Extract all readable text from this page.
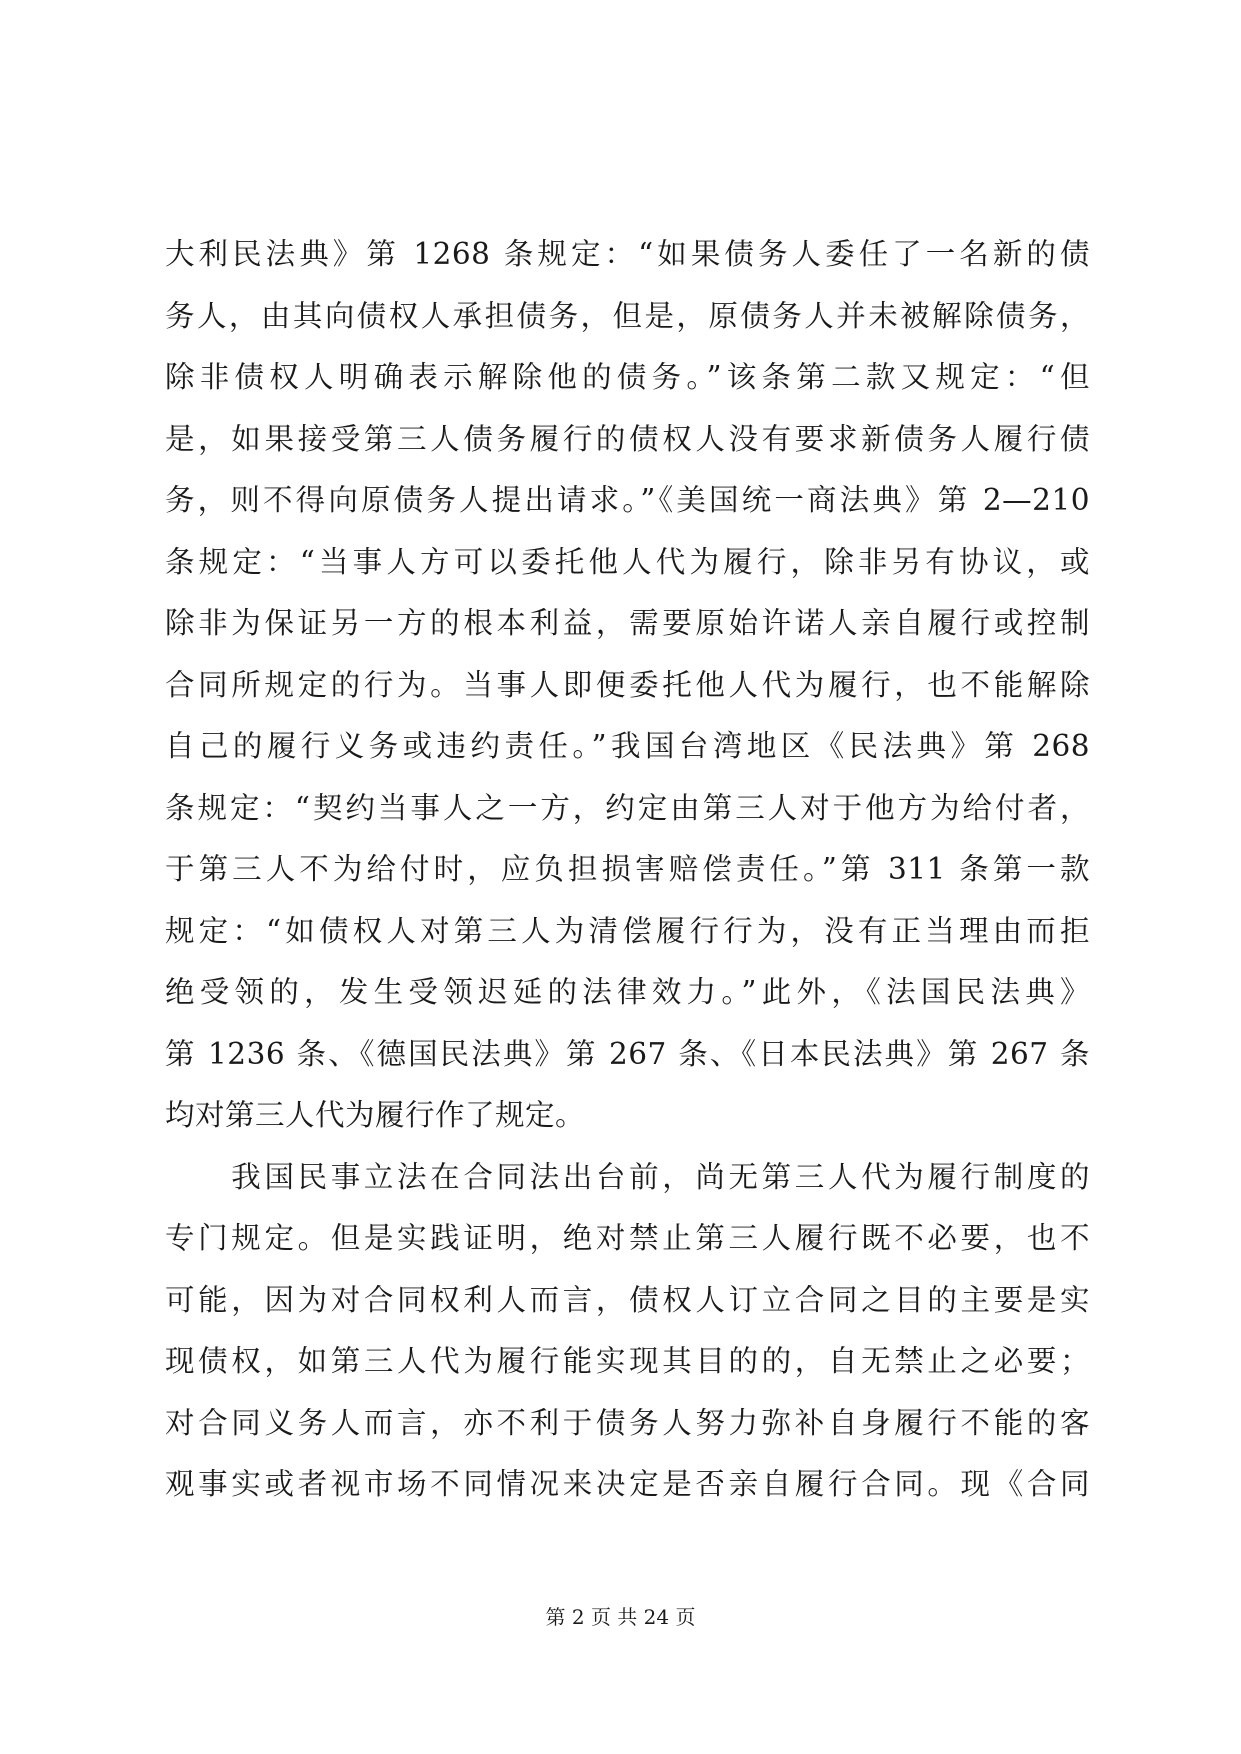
大利民法典》第 1268 条规定：“如果债务人委任了一名新的债
务人，由其向债权人承担债务，但是，原债务人并未被解除债务，
除非债权人明确表示解除他的债务。”该条第二款又规定：“但
是，如果接受第三人债务履行的债权人没有要求新债务人履行债
务，则不得向原债务人提出请求。”《美国统一商法典》第 2—210
条规定：“当事人方可以委托他人代为履行，除非另有协议，或
除非为保证另一方的根本利益，需要原始许诺人亲自履行或控制
合同所规定的行为。当事人即便委托他人代为履行，也不能解除
自己的履行义务或违约责任。”我国台湾地区《民法典》第 268
条规定：“契约当事人之一方，约定由第三人对于他方为给付者，
于第三人不为给付时，应负担损害赔偿责任。”第 311 条第一款
规定：“如债权人对第三人为清偿履行行为，没有正当理由而拒
绝受领的，发生受领迟延的法律效力。”此外，《法国民法典》
第 1236 条、《德国民法典》第 267 条、《日本民法典》第 267 条
均对第三人代为履行作了规定。
　　我国民事立法在合同法出台前，尚无第三人代为履行制度的
专门规定。但是实践证明，绝对禁止第三人履行既不必要，也不
可能，因为对合同权利人而言，债权人订立合同之目的主要是实
现债权，如第三人代为履行能实现其目的的，自无禁止之必要；
对合同义务人而言，亦不利于债务人努力弥补自身履行不能的客
观事实或者视市场不同情况来决定是否亲自履行合同。现《合同
第 2 页 共 24 页
